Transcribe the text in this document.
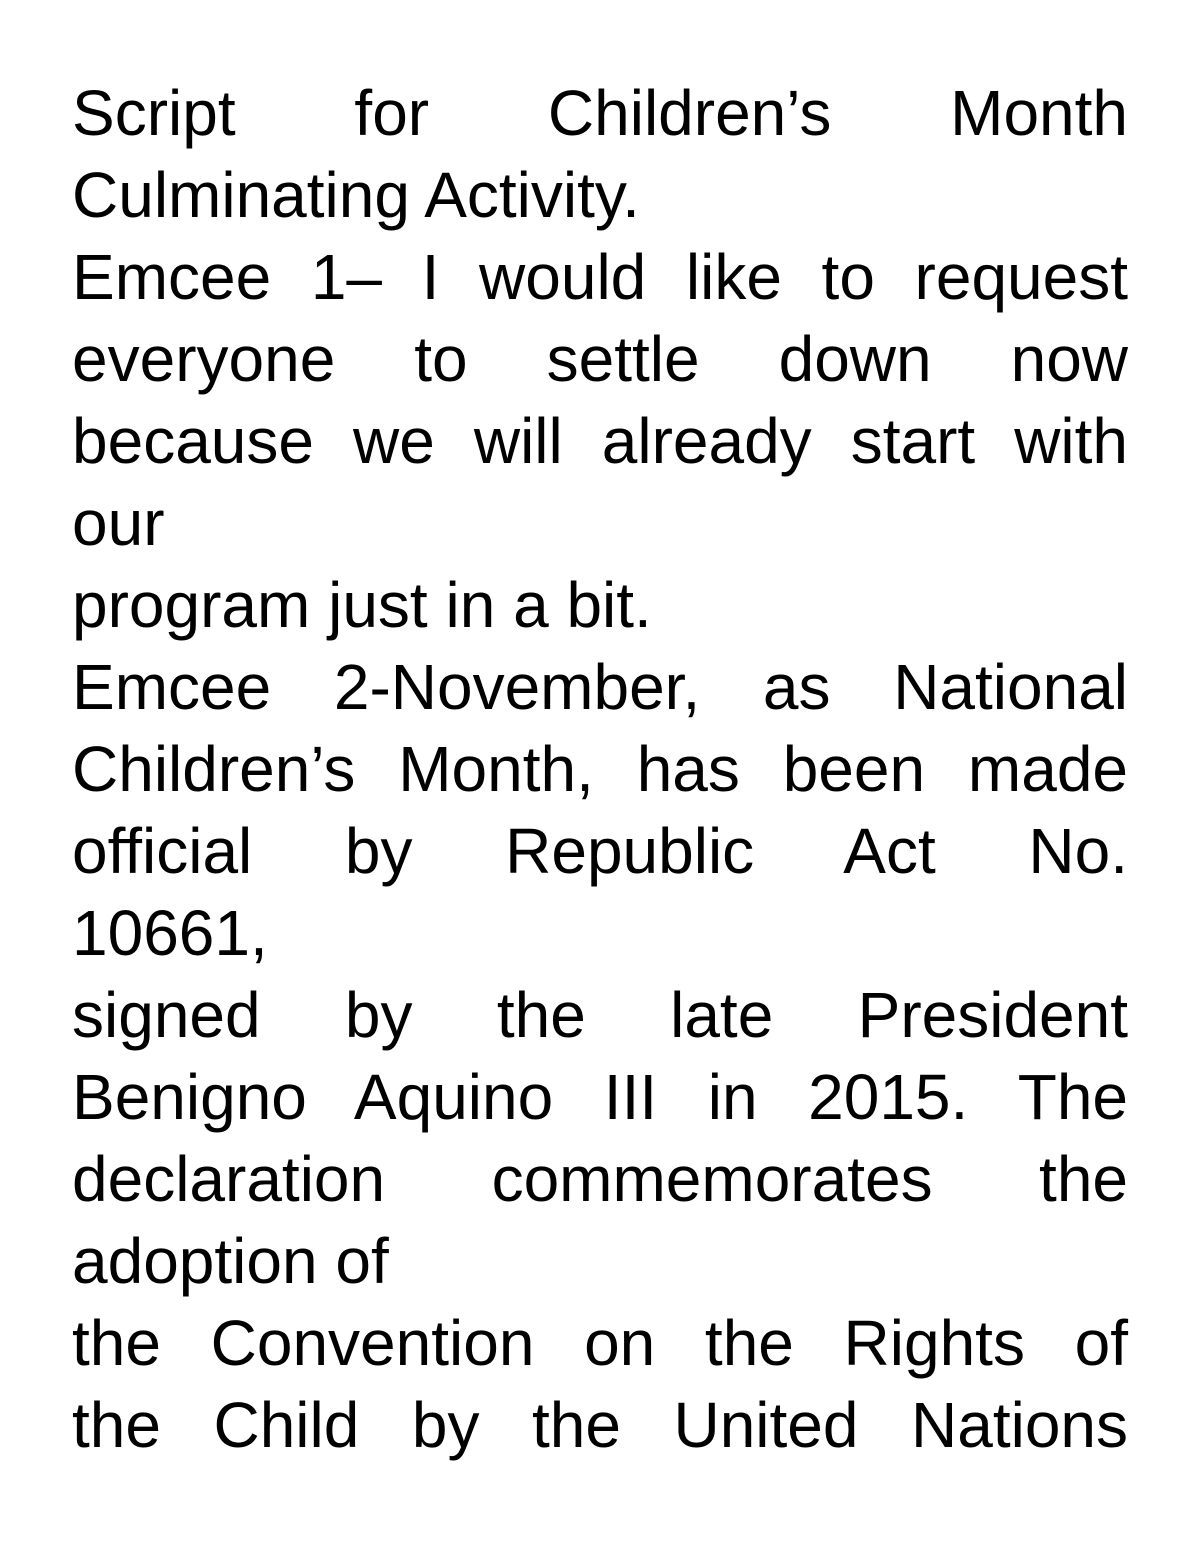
Script for Children’s Month
Culminating Activity.
Emcee 1– I would like to request
everyone to settle down now
because we will already start with
our
program just in a bit.
Emcee 2-November, as National
Children’s Month, has been made
official by Republic Act No.
10661,
signed by the late President
Benigno Aquino III in 2015. The
declaration commemorates the
adoption of
the Convention on the Rights of
the Child by the United Nations
